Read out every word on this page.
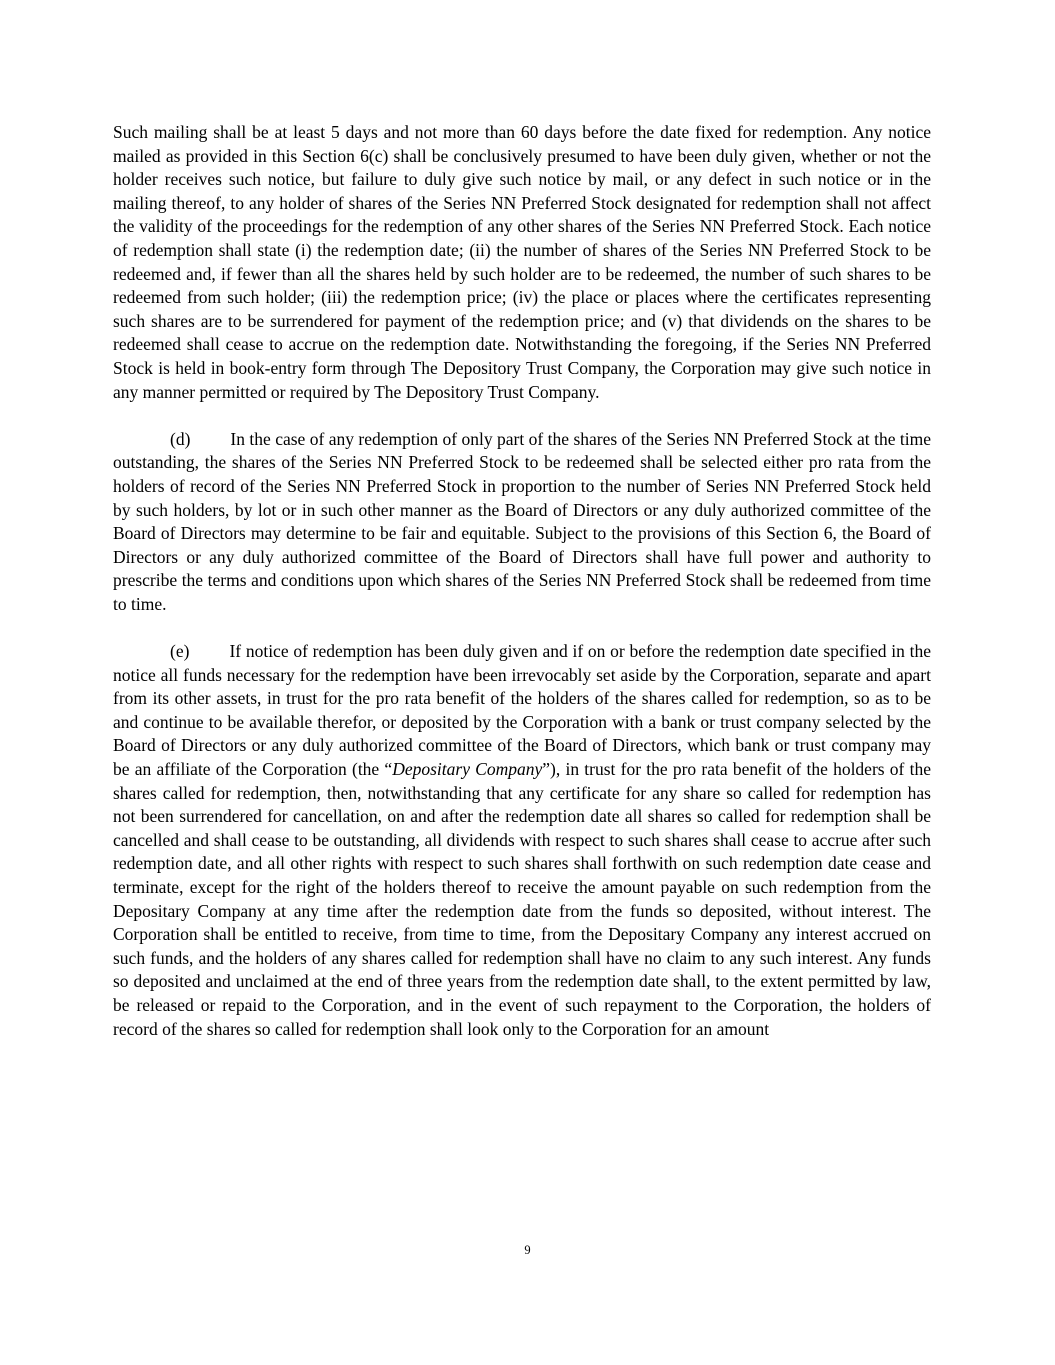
Such mailing shall be at least 5 days and not more than 60 days before the date fixed for redemption. Any notice mailed as provided in this Section 6(c) shall be conclusively presumed to have been duly given, whether or not the holder receives such notice, but failure to duly give such notice by mail, or any defect in such notice or in the mailing thereof, to any holder of shares of the Series NN Preferred Stock designated for redemption shall not affect the validity of the proceedings for the redemption of any other shares of the Series NN Preferred Stock. Each notice of redemption shall state (i) the redemption date; (ii) the number of shares of the Series NN Preferred Stock to be redeemed and, if fewer than all the shares held by such holder are to be redeemed, the number of such shares to be redeemed from such holder; (iii) the redemption price; (iv) the place or places where the certificates representing such shares are to be surrendered for payment of the redemption price; and (v) that dividends on the shares to be redeemed shall cease to accrue on the redemption date. Notwithstanding the foregoing, if the Series NN Preferred Stock is held in book-entry form through The Depository Trust Company, the Corporation may give such notice in any manner permitted or required by The Depository Trust Company.

(d) In the case of any redemption of only part of the shares of the Series NN Preferred Stock at the time outstanding, the shares of the Series NN Preferred Stock to be redeemed shall be selected either pro rata from the holders of record of the Series NN Preferred Stock in proportion to the number of Series NN Preferred Stock held by such holders, by lot or in such other manner as the Board of Directors or any duly authorized committee of the Board of Directors may determine to be fair and equitable. Subject to the provisions of this Section 6, the Board of Directors or any duly authorized committee of the Board of Directors shall have full power and authority to prescribe the terms and conditions upon which shares of the Series NN Preferred Stock shall be redeemed from time to time.

(e) If notice of redemption has been duly given and if on or before the redemption date specified in the notice all funds necessary for the redemption have been irrevocably set aside by the Corporation, separate and apart from its other assets, in trust for the pro rata benefit of the holders of the shares called for redemption, so as to be and continue to be available therefor, or deposited by the Corporation with a bank or trust company selected by the Board of Directors or any duly authorized committee of the Board of Directors, which bank or trust company may be an affiliate of the Corporation (the “Depositary Company”), in trust for the pro rata benefit of the holders of the shares called for redemption, then, notwithstanding that any certificate for any share so called for redemption has not been surrendered for cancellation, on and after the redemption date all shares so called for redemption shall be cancelled and shall cease to be outstanding, all dividends with respect to such shares shall cease to accrue after such redemption date, and all other rights with respect to such shares shall forthwith on such redemption date cease and terminate, except for the right of the holders thereof to receive the amount payable on such redemption from the Depositary Company at any time after the redemption date from the funds so deposited, without interest. The Corporation shall be entitled to receive, from time to time, from the Depositary Company any interest accrued on such funds, and the holders of any shares called for redemption shall have no claim to any such interest. Any funds so deposited and unclaimed at the end of three years from the redemption date shall, to the extent permitted by law, be released or repaid to the Corporation, and in the event of such repayment to the Corporation, the holders of record of the shares so called for redemption shall look only to the Corporation for an amount

9
